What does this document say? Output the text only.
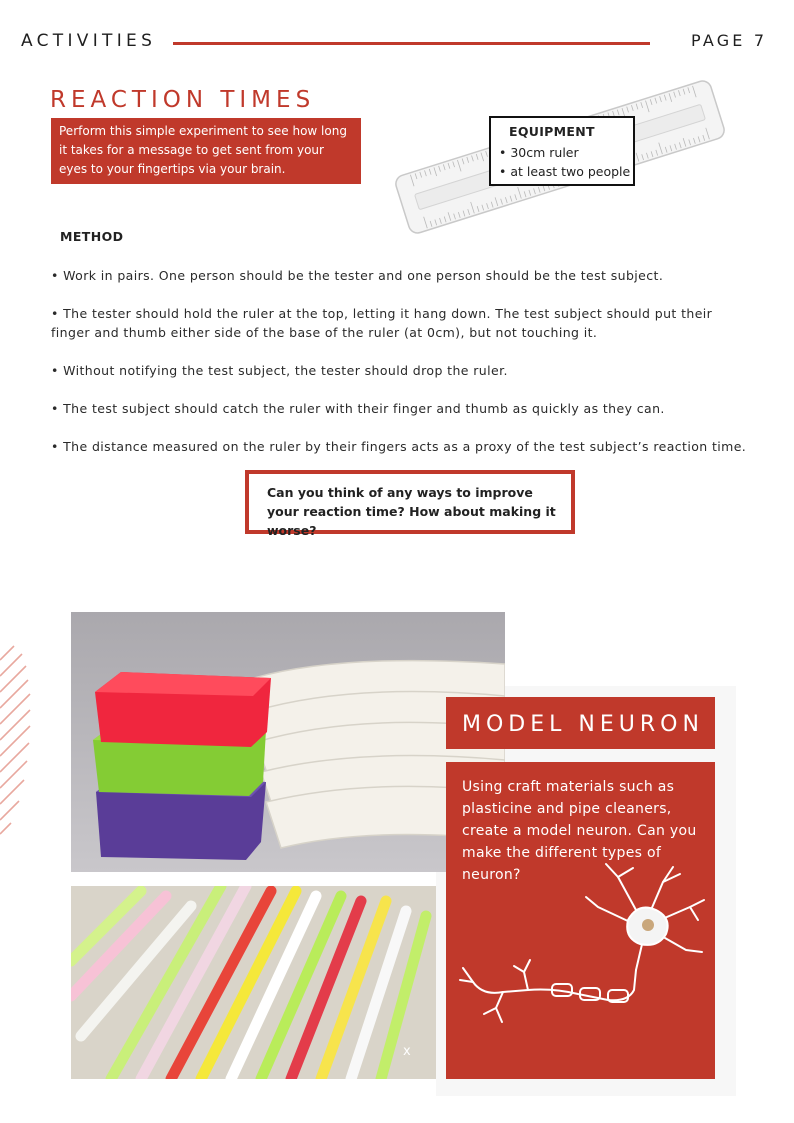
ACTIVITIES	PAGE 7
REACTION TIMES
Perform this simple experiment to see how long it takes for a message to get sent from your eyes to your fingertips via your brain.
EQUIPMENT
• 30cm ruler
• at least two people
METHOD
• Work in pairs. One person should be the tester and one person should be the test subject.
• The tester should hold the ruler at the top, letting it hang down. The test subject should put their finger and thumb either side of the base of the ruler (at 0cm), but not touching it.
• Without notifying the test subject, the tester should drop the ruler.
• The test subject should catch the ruler with their finger and thumb as quickly as they can.
• The distance measured on the ruler by their fingers acts as a proxy of the test subject’s reaction time.
Can you think of any ways to improve your reaction time? How about making it worse?
x
MODEL NEURON
Using craft materials such as plasticine and pipe cleaners, create a model neuron. Can you make the different types of neuron?
